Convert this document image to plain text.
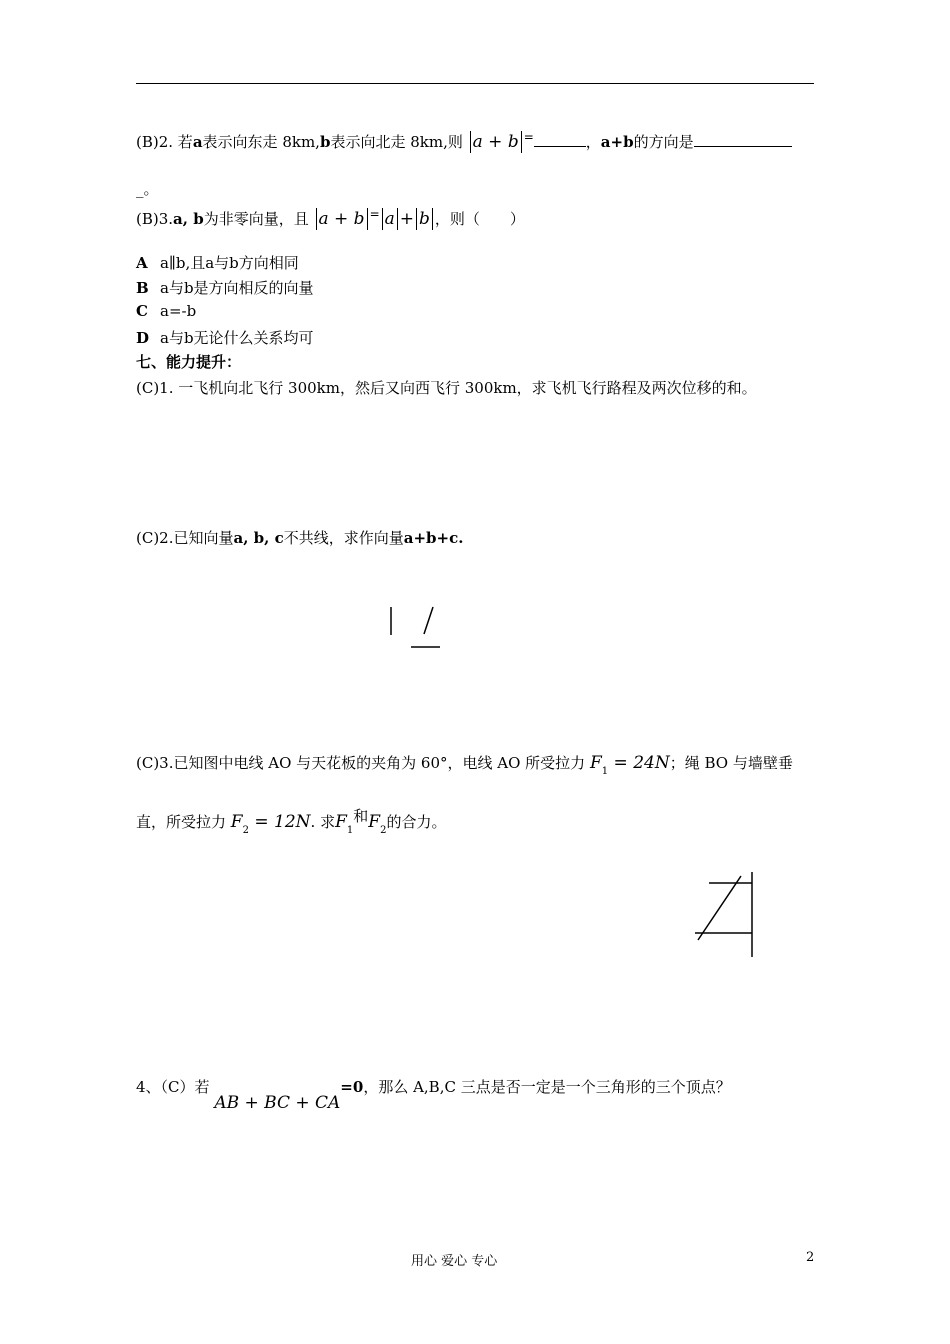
(B)2. 若a表示向东走 8km,b表示向北走 8km,则 a + b =	，a+b的方向是
_。
(B)3.a, b为非零向量，且 a + b = a + b ，则（　　）
A a∥b,且a与b方向相同
B a与b是方向相反的向量
C a=-b
D a与b无论什么关系均可
七、能力提升：
(C)1. 一飞机向北飞行 300km，然后又向西飞行 300km，求飞机飞行路程及两次位移的和。
(C)2.已知向量a, b, c不共线，求作向量a+b+c.
(C)3.已知图中电线 AO 与天花板的夹角为 60°，电线 AO 所受拉力 $F_1 = 24N$；绳 BO 与墙壁垂
直，所受拉力 $F_2 = 12N$. 求$F_1$和$F_2$的合力。
4、（C）若 AB + BC + CA=0，那么 A,B,C 三点是否一定是一个三角形的三个顶点？
用心 爱心 专心	2
